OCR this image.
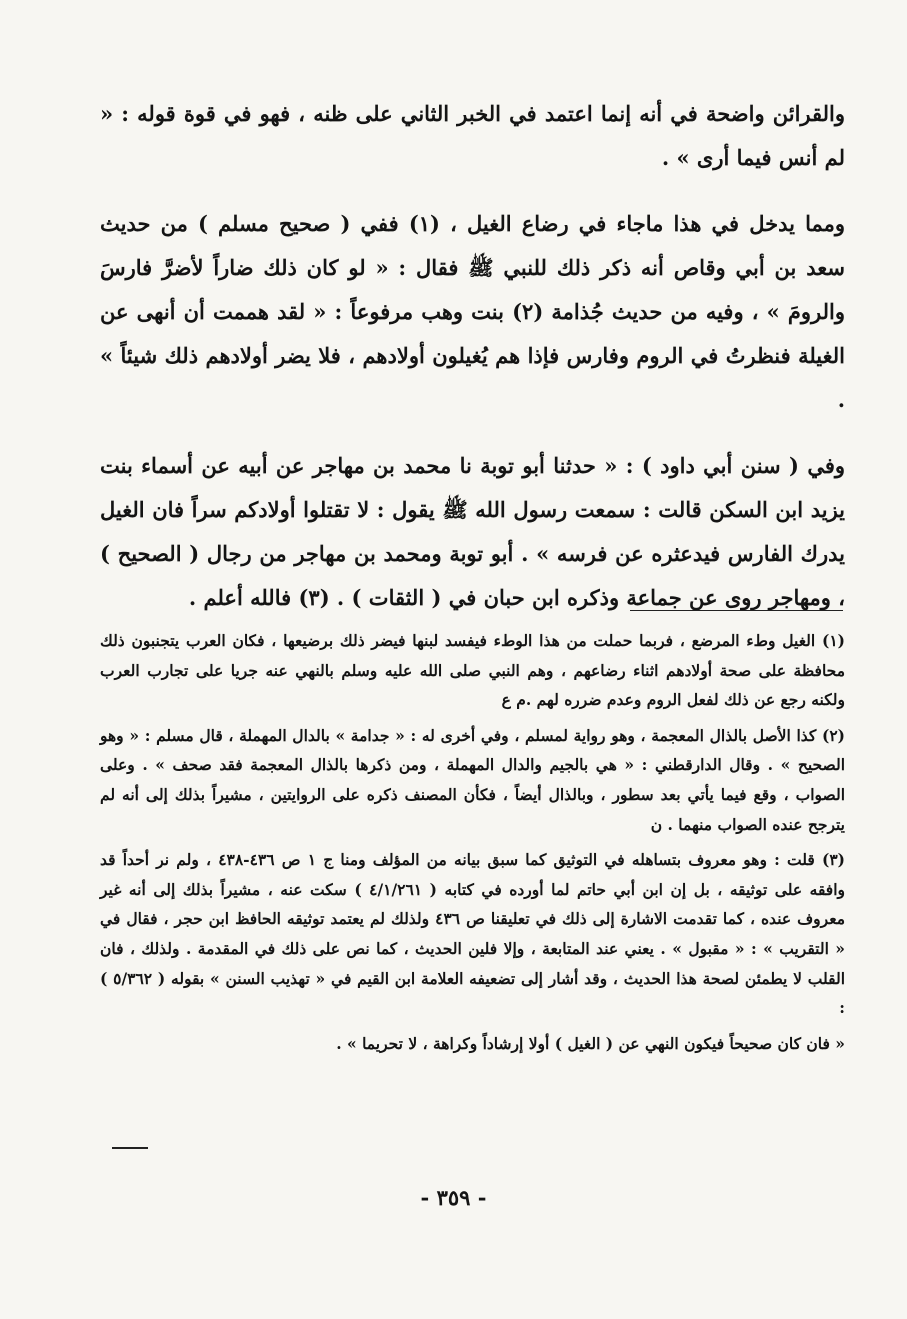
والقرائن واضحة في أنه إنما اعتمد في الخبر الثاني على ظنه ، فهو في قوة قوله : « لم أنس فيما أرى » .

ومما يدخل في هذا ماجاء في رضاع الغيل ، (١) ففي ( صحيح مسلم ) من حديث سعد بن أبي وقاص أنه ذكر ذلك للنبي ﷺ فقال : « لو كان ذلك ضاراً لأضرَّ فارسَ والرومَ » ، وفيه من حديث جُذامة (٢) بنت وهب مرفوعاً : « لقد هممت أن أنهى عن الغيلة فنظرتُ في الروم وفارس فإذا هم يُغيلون أولادهم ، فلا يضر أولادهم ذلك شيئاً » .

وفي ( سنن أبي داود ) : « حدثنا أبو توبة نا محمد بن مهاجر عن أبيه عن أسماء بنت يزيد ابن السكن قالت : سمعت رسول الله ﷺ يقول : لا تقتلوا أولادكم سراً فان الغيل يدرك الفارس فيدعثره عن فرسه » . أبو توبة ومحمد بن مهاجر من رجال ( الصحيح ) ، ومهاجر روى عن جماعة وذكره ابن حبان في ( الثقات ) . (٣) فالله أعلم .

(١) الغيل وطء المرضع ، فربما حملت من هذا الوطء فيفسد لبنها فيضر ذلك برضيعها ، فكان العرب يتجنبون ذلك محافظة على صحة أولادهم اثناء رضاعهم ، وهم النبي صلى الله عليه وسلم بالنهي عنه جريا على تجارب العرب ولكنه رجع عن ذلك لفعل الروم وعدم ضرره لهم .م ع

(٢) كذا الأصل بالذال المعجمة ، وهو رواية لمسلم ، وفي أخرى له : « جدامة » بالدال المهملة ، قال مسلم : « وهو الصحيح » . وقال الدارقطني : « هي بالجيم والدال المهملة ، ومن ذكرها بالذال المعجمة فقد صحف » . وعلى الصواب ، وقع فيما يأتي بعد سطور ، وبالذال أيضاً ، فكأن المصنف ذكره على الروايتين ، مشيراً بذلك إلى أنه لم يترجح عنده الصواب منهما . ن

(٣) قلت : وهو معروف بتساهله في التوثيق كما سبق بيانه من المؤلف ومنا ج ١ ص ٤٣٦-٤٣٨ ، ولم نر أحداً قد وافقه على توثيقه ، بل إن ابن أبي حاتم لما أورده في كتابه ( ٤/١/٢٦١ ) سكت عنه ، مشيراً بذلك إلى أنه غير معروف عنده ، كما تقدمت الاشارة إلى ذلك في تعليقنا ص ٤٣٦ ولذلك لم يعتمد توثيقه الحافظ ابن حجر ، فقال في « التقريب » : « مقبول » . يعني عند المتابعة ، وإلا فلين الحديث ، كما نص على ذلك في المقدمة . ولذلك ، فان القلب لا يطمئن لصحة هذا الحديث ، وقد أشار إلى تضعيفه العلامة ابن القيم في « تهذيب السنن » بقوله ( ٥/٣٦٢ ) :

« فان كان صحيحاً فيكون النهي عن ( الغيل ) أولا إرشاداً وكراهة ، لا تحريما » .

- ٣٥٩ -
